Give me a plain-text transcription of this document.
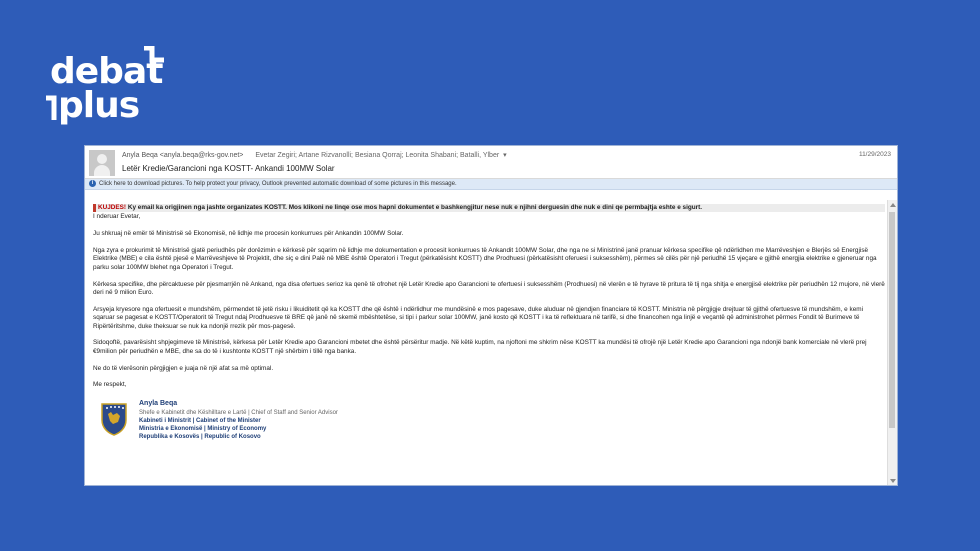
debat
plus
Anyla Beqa <anyla.beqa@rks-gov.net> Evetar Zegiri; Artane Rizvanolli; Besiana Qorraj; Leonita Shabani; Batalli, Ylber ▾	11/29/2023
Letër Kredie/Garancioni nga KOSTT- Ankandi 100MW Solar
i Click here to download pictures. To help protect your privacy, Outlook prevented automatic download of some pictures in this message.
KUJDES! Ky email ka origjinen nga jashte organizates KOSTT. Mos klikoni ne linqe ose mos hapni dokumentet e bashkengjitur nese nuk e njihni derguesin dhe nuk e dini qe permbajtja eshte e sigurt.

I nderuar Evetar,

Ju shkruaj në emër të Ministrisë së Ekonomisë, në lidhje me procesin konkurrues për Ankandin 100MW Solar.

Nga zyra e prokurimit të Ministrisë gjatë periudhës për dorëzimin e kërkesë për sqarim në lidhje me dokumentation e procesit konkurrues të Ankandit 100MW Solar, dhe nga ne si Ministrinë janë pranuar kërkesa specifike që ndërlidhen me Marrëveshjen e Blerjës së Energjisë Elektrike (MBE) e cila është pjesë e Marrëveshjeve të Projektit, dhe siç e dini Palë në MBE është Operatori i Tregut (përkatësisht KOSTT) dhe Prodhuesi (përkatësisht oferuesi i suksesshëm), përmes së cilës për një periudhë 15 vjeçare e gjithë energjia elektrike e gjeneruar nga parku solar 100MW blehet nga Operatori i Tregut.

Kërkesa specifike, dhe përcaktuese për pjesmarrjën në Ankand, nga disa ofertues serioz ka qenë të ofrohet një Letër Kredie apo Garancioni te ofertuesi i suksesshëm (Prodhuesi) në vlerën e të hyrave të pritura të tij nga shitja e energjisë elektrike për periudhën 12 mujore, në vlerë deri në 9 milion Euro.

Arsyeja kryesore nga ofertuesit e mundshëm, përmendet të jetë risku i likuiditetit që ka KOSTT dhe që është i ndërlidhur me mundësinë e mos pagesave, duke aluduar në gjendjen financiare të KOSTT. Ministria në përgjigje drejtuar të gjithë ofertuesve të mundshëm, e kemi sqaruar se pagesat e KOSTT/Operatorit të Tregut ndaj Prodhuesve të BRE që janë në skemë mbështetëse, si tipi i parkur solar 100MW, janë kosto që KOSTT i ka të reflektuara në tarifë, si dhe financohen nga linjë e veçantë që administrohet përmes Fondit të Burimeve të Ripërtëritshme, duke theksuar se nuk ka ndonjë rrezik për mos-pagesë.

Sidoqoftë, pavarësisht shpjegimeve të Ministrisë, kërkesa për Letër Kredie apo Garancioni mbetet dhe është përsëritur madje. Në këtë kuptim, na njoftoni me shkrim nëse KOSTT ka mundësi të ofrojë një Letër Kredie apo Garancioni nga ndonjë bank komerciale në vlerë prej €9milion për periudhën e MBE, dhe sa do të i kushtonte KOSTT një shërbim i tillë nga banka.

Ne do të vlerësonin përgjigjen e juaja në një afat sa më optimal.

Me respekt,

Anyla Beqa
Shefe e Kabinetit dhe Këshilltare e Lartë | Chief of Staff and Senior Advisor
Kabineti i Ministrit | Cabinet of the Minister
Ministria e Ekonomisë | Ministry of Economy
Republika e Kosovës | Republic of Kosovo
